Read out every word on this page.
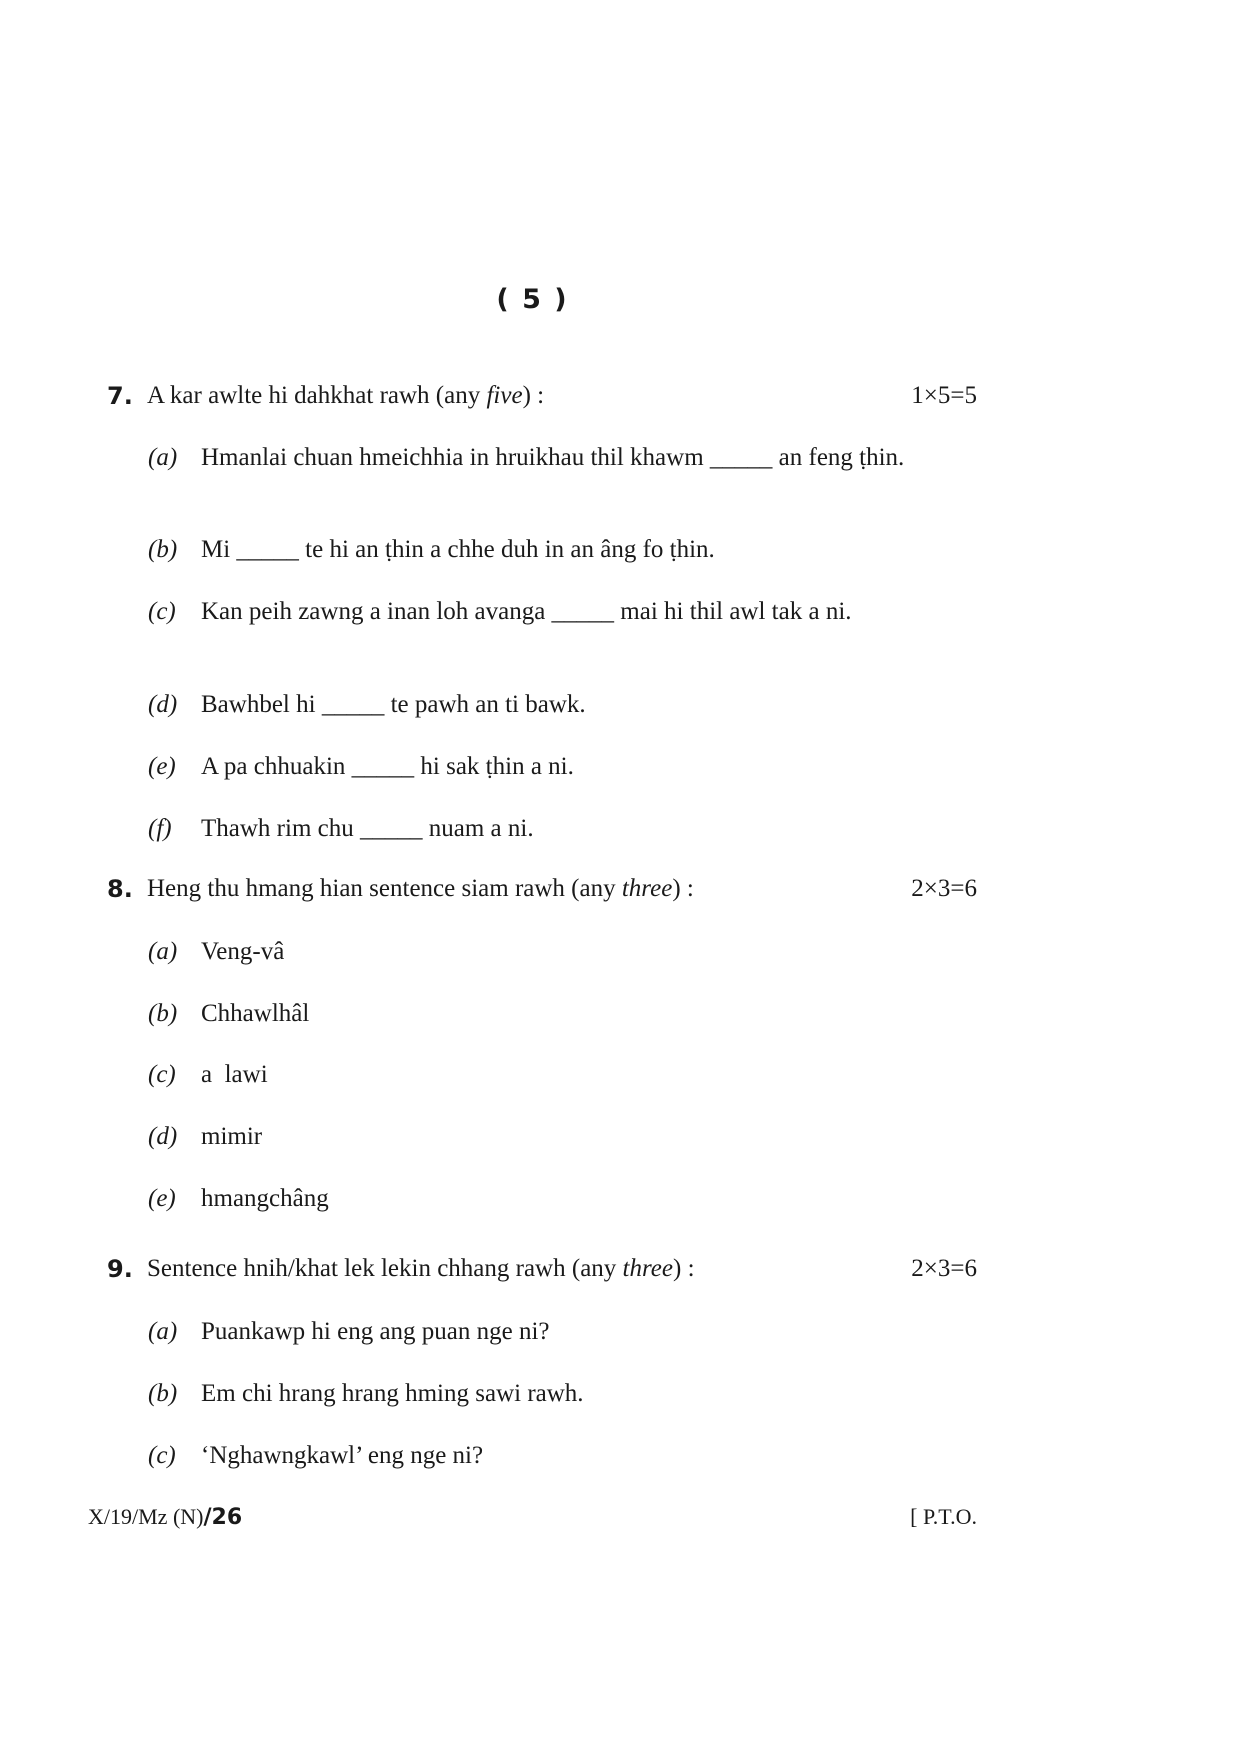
( 5 )
7. A kar awlte hi dahkhat rawh (any five) :	1×5=5
(a) Hmanlai chuan hmeichhia in hruikhau thil khawm _____ an feng ṭhin.
(b) Mi _____ te hi an ṭhin a chhe duh in an âng fo ṭhin.
(c) Kan peih zawng a inan loh avanga _____ mai hi thil awl tak a ni.
(d) Bawhbel hi _____ te pawh an ti bawk.
(e) A pa chhuakin _____ hi sak ṭhin a ni.
(f) Thawh rim chu _____ nuam a ni.
8. Heng thu hmang hian sentence siam rawh (any three) :	2×3=6
(a) Veng-vâ
(b) Chhawlhâl
(c) a  lawi
(d) mimir
(e) hmangchâng
9. Sentence hnih/khat lek lekin chhang rawh (any three) :	2×3=6
(a) Puankawp hi eng ang puan nge ni?
(b) Em chi hrang hrang hming sawi rawh.
(c) ‘Nghawngkawl’ eng nge ni?
X/19/Mz (N)/26	[ P.T.O.
